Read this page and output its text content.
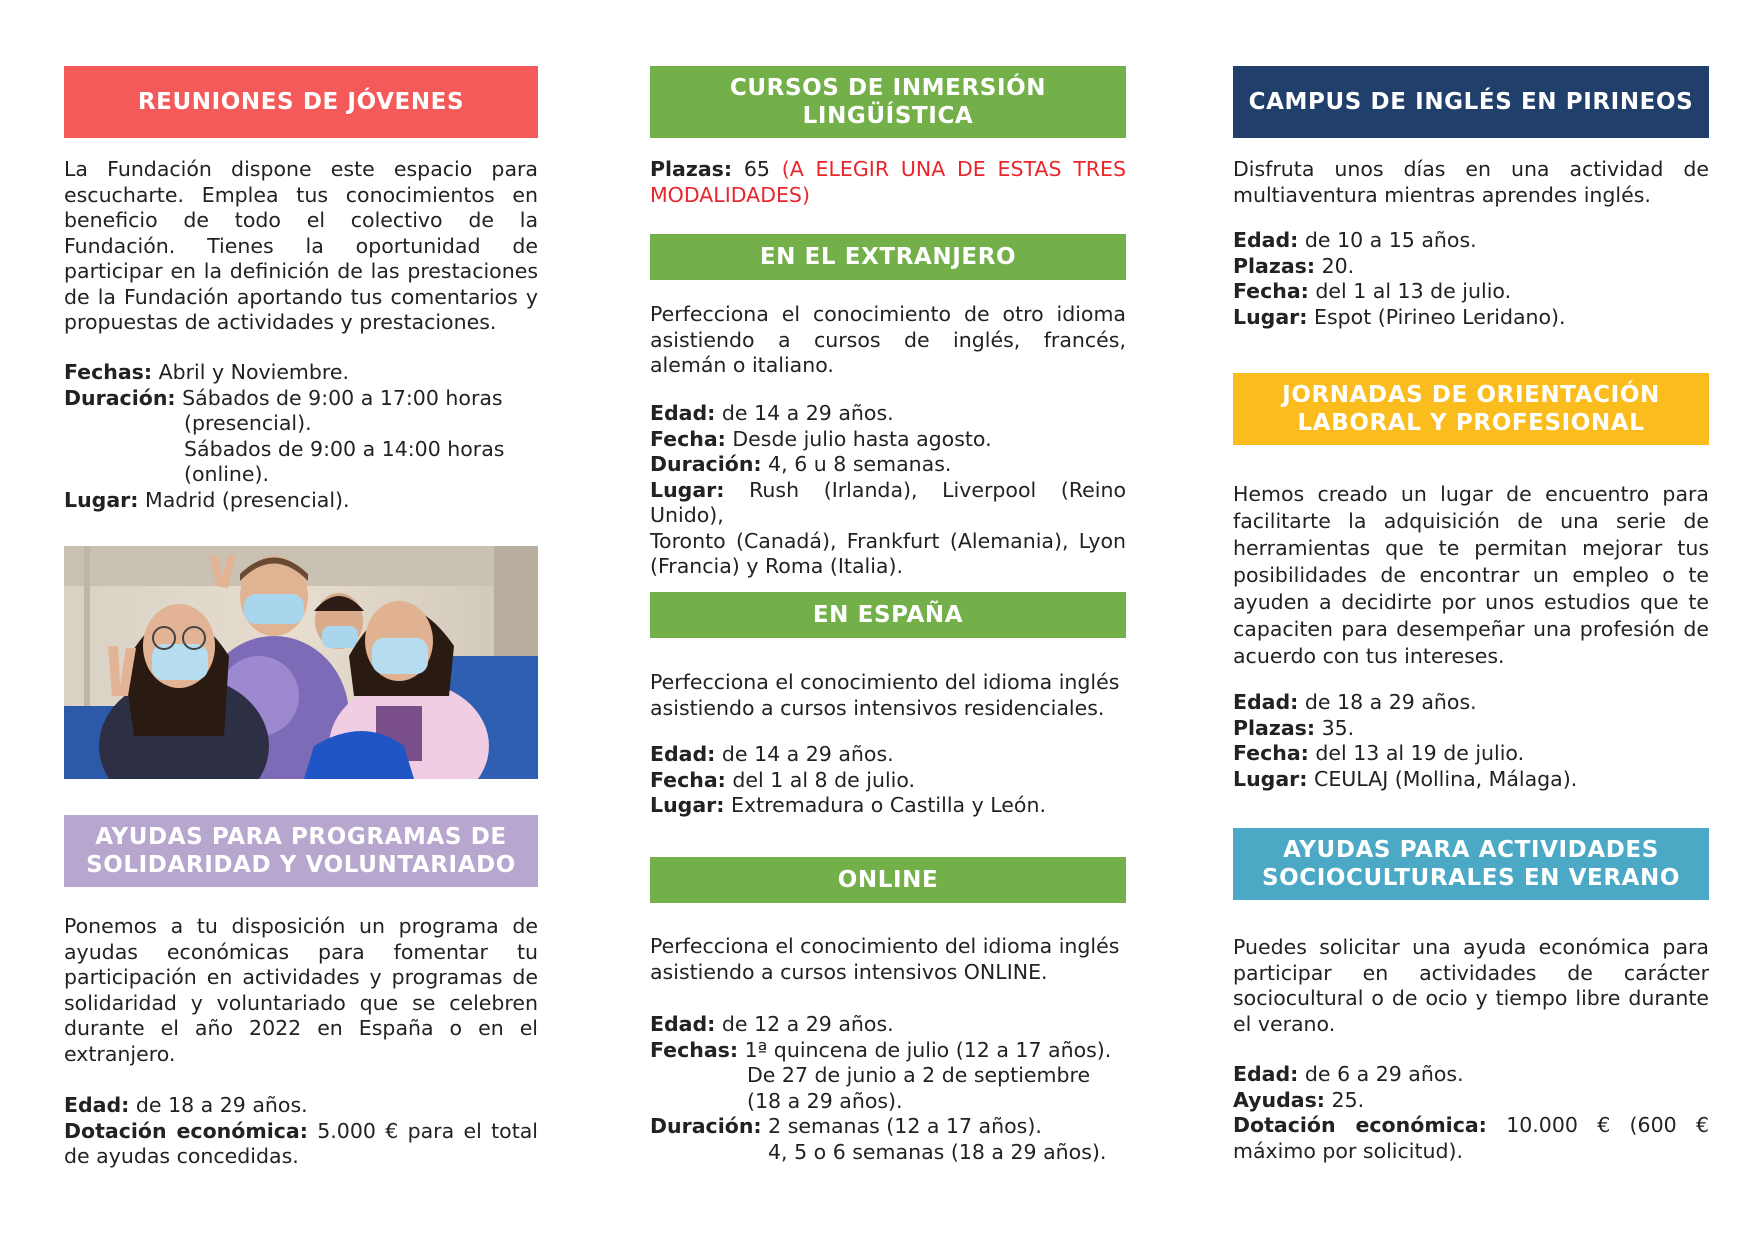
REUNIONES DE JÓVENES
La Fundación dispone este espacio para
escucharte. Emplea tus conocimientos en
beneficio de todo el colectivo de la
Fundación. Tienes la oportunidad de
participar en la definición de las prestaciones
de la Fundación aportando tus comentarios y
propuestas de actividades y prestaciones.
Fechas: Abril y Noviembre.
Duración: Sábados de 9:00 a 17:00 horas
(presencial).
Sábados de 9:00 a 14:00 horas
(online).
Lugar: Madrid (presencial).
AYUDAS PARA PROGRAMAS DE
SOLIDARIDAD Y VOLUNTARIADO
Ponemos a tu disposición un programa de
ayudas económicas para fomentar tu
participación en actividades y programas de
solidaridad y voluntariado que se celebren
durante el año 2022 en España o en el
extranjero.
Edad: de 18 a 29 años.
Dotación económica: 5.000 € para el total
de ayudas concedidas.
CURSOS DE INMERSIÓN
LINGÜÍSTICA
Plazas: 65 (A ELEGIR UNA DE ESTAS TRES
MODALIDADES)
EN EL EXTRANJERO
Perfecciona el conocimiento de otro idioma
asistiendo a cursos de inglés, francés,
alemán o italiano.
Edad: de 14 a 29 años.
Fecha: Desde julio hasta agosto.
Duración: 4, 6 u 8 semanas.
Lugar: Rush (Irlanda), Liverpool (Reino Unido),
Toronto (Canadá), Frankfurt (Alemania), Lyon
(Francia) y Roma (Italia).
EN ESPAÑA
Perfecciona el conocimiento del idioma inglés
asistiendo a cursos intensivos residenciales.
Edad: de 14 a 29 años.
Fecha: del 1 al 8 de julio.
Lugar: Extremadura o Castilla y León.
ONLINE
Perfecciona el conocimiento del idioma inglés
asistiendo a cursos intensivos ONLINE.
Edad: de 12 a 29 años.
Fechas: 1ª quincena de julio (12 a 17 años).
De 27 de junio a 2 de septiembre
(18 a 29 años).
Duración: 2 semanas (12 a 17 años).
4, 5 o 6 semanas (18 a 29 años).
CAMPUS DE INGLÉS EN PIRINEOS
Disfruta unos días en una actividad de
multiaventura mientras aprendes inglés.
Edad: de 10 a 15 años.
Plazas: 20.
Fecha: del 1 al 13 de julio.
Lugar: Espot (Pirineo Leridano).
JORNADAS DE ORIENTACIÓN
LABORAL Y PROFESIONAL
Hemos creado un lugar de encuentro para
facilitarte la adquisición de una serie de
herramientas que te permitan mejorar tus
posibilidades de encontrar un empleo o te
ayuden a decidirte por unos estudios que te
capaciten para desempeñar una profesión de
acuerdo con tus intereses.
Edad: de 18 a 29 años.
Plazas: 35.
Fecha: del 13 al 19 de julio.
Lugar: CEULAJ (Mollina, Málaga).
AYUDAS PARA ACTIVIDADES
SOCIOCULTURALES EN VERANO
Puedes solicitar una ayuda económica para
participar en actividades de carácter
sociocultural o de ocio y tiempo libre durante
el verano.
Edad: de 6 a 29 años.
Ayudas: 25.
Dotación económica: 10.000 € (600 €
máximo por solicitud).
